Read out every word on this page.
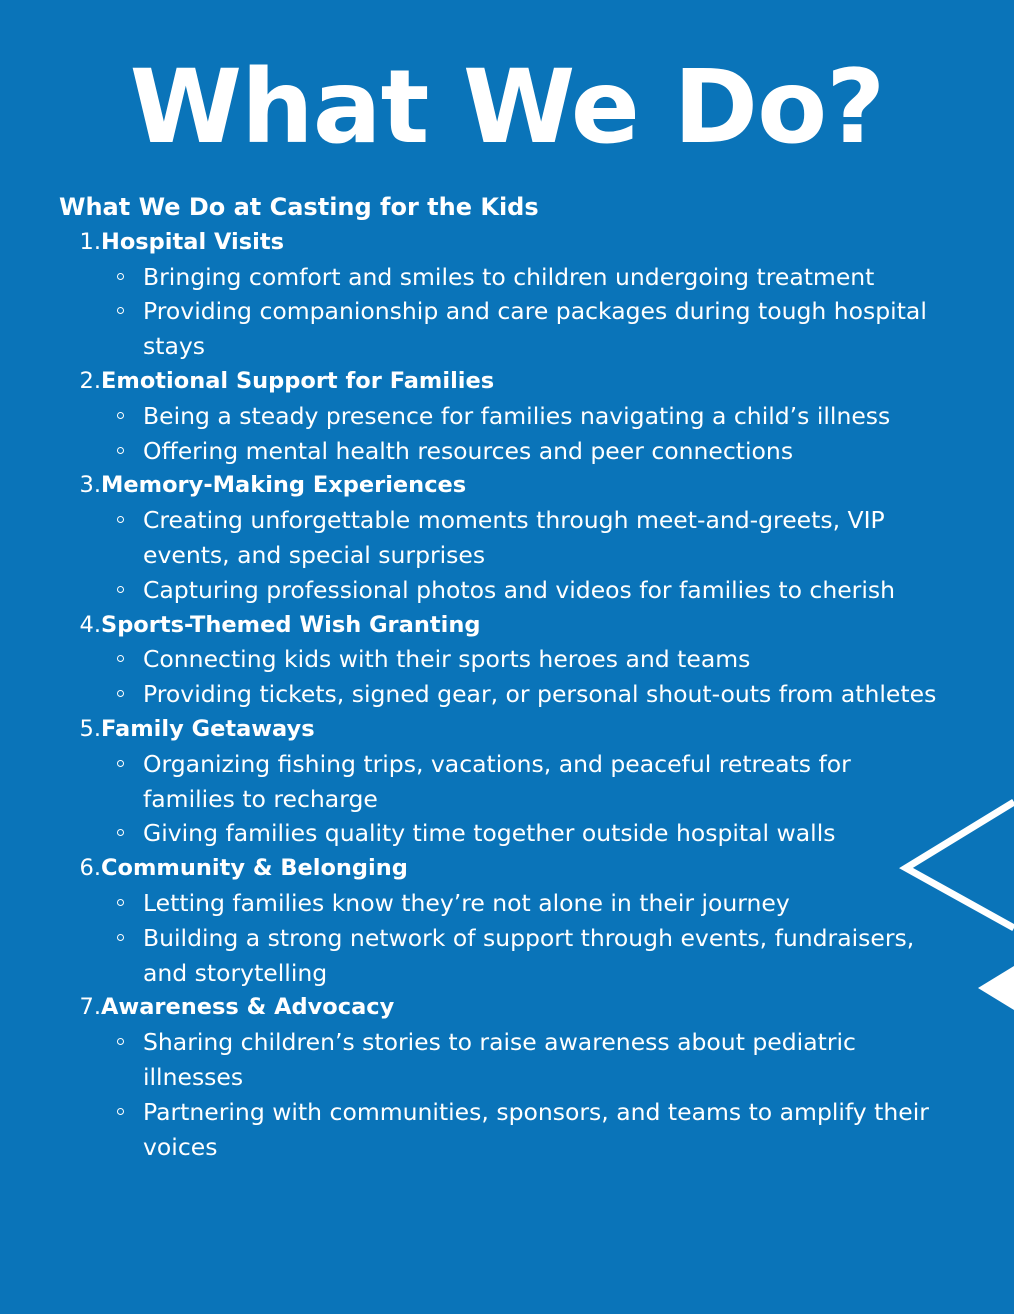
What We Do?

What We Do at Casting for the Kids

1. Hospital Visits
Bringing comfort and smiles to children undergoing treatment
Providing companionship and care packages during tough hospital stays
2. Emotional Support for Families
Being a steady presence for families navigating a child’s illness
Offering mental health resources and peer connections
3. Memory-Making Experiences
Creating unforgettable moments through meet-and-greets, VIP events, and special surprises
Capturing professional photos and videos for families to cherish
4. Sports-Themed Wish Granting
Connecting kids with their sports heroes and teams
Providing tickets, signed gear, or personal shout-outs from athletes
5. Family Getaways
Organizing fishing trips, vacations, and peaceful retreats for families to recharge
Giving families quality time together outside hospital walls
6. Community & Belonging
Letting families know they’re not alone in their journey
Building a strong network of support through events, fundraisers, and storytelling
7. Awareness & Advocacy
Sharing children’s stories to raise awareness about pediatric illnesses
Partnering with communities, sponsors, and teams to amplify their voices
